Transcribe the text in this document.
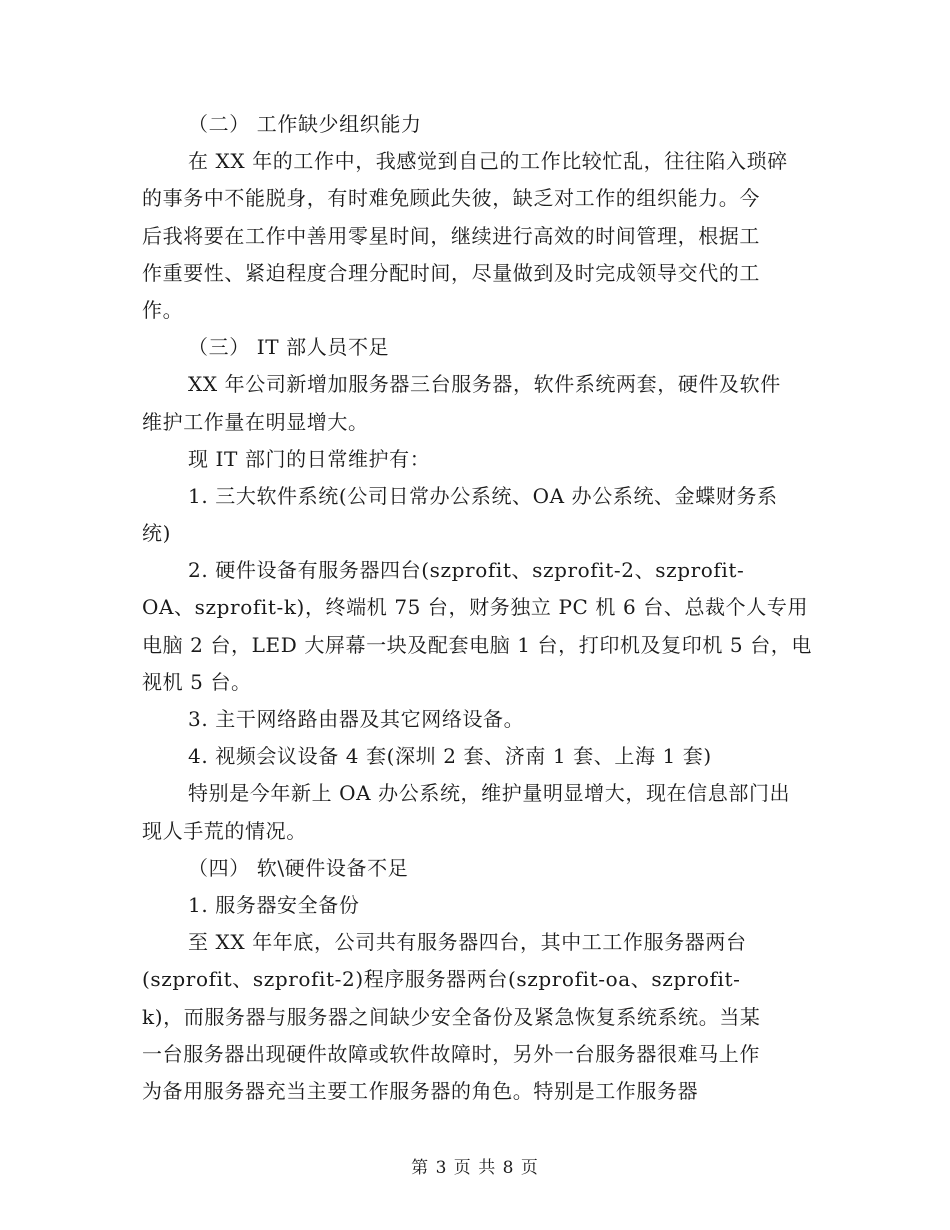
（二） 工作缺少组织能力

在 XX 年的工作中，我感觉到自己的工作比较忙乱，往往陷入琐碎

的事务中不能脱身，有时难免顾此失彼，缺乏对工作的组织能力。今

后我将要在工作中善用零星时间，继续进行高效的时间管理，根据工

作重要性、紧迫程度合理分配时间，尽量做到及时完成领导交代的工

作。

（三） IT 部人员不足

XX 年公司新增加服务器三台服务器，软件系统两套，硬件及软件

维护工作量在明显增大。

现 IT 部门的日常维护有：

1. 三大软件系统(公司日常办公系统、OA 办公系统、金蝶财务系

统)

2. 硬件设备有服务器四台(szprofit、szprofit-2、szprofit-

OA、szprofit-k)，终端机 75 台，财务独立 PC 机 6 台、总裁个人专用

电脑 2 台，LED 大屏幕一块及配套电脑 1 台，打印机及复印机 5 台，电

视机 5 台。

3. 主干网络路由器及其它网络设备。

4. 视频会议设备 4 套(深圳 2 套、济南 1 套、上海 1 套)

特别是今年新上 OA 办公系统，维护量明显增大，现在信息部门出

现人手荒的情况。

（四） 软\硬件设备不足

1. 服务器安全备份

至 XX 年年底，公司共有服务器四台，其中工工作服务器两台

(szprofit、szprofit-2)程序服务器两台(szprofit-oa、szprofit-

k)，而服务器与服务器之间缺少安全备份及紧急恢复系统系统。当某

一台服务器出现硬件故障或软件故障时，另外一台服务器很难马上作

为备用服务器充当主要工作服务器的角色。特别是工作服务器

第 3 页 共 8 页
